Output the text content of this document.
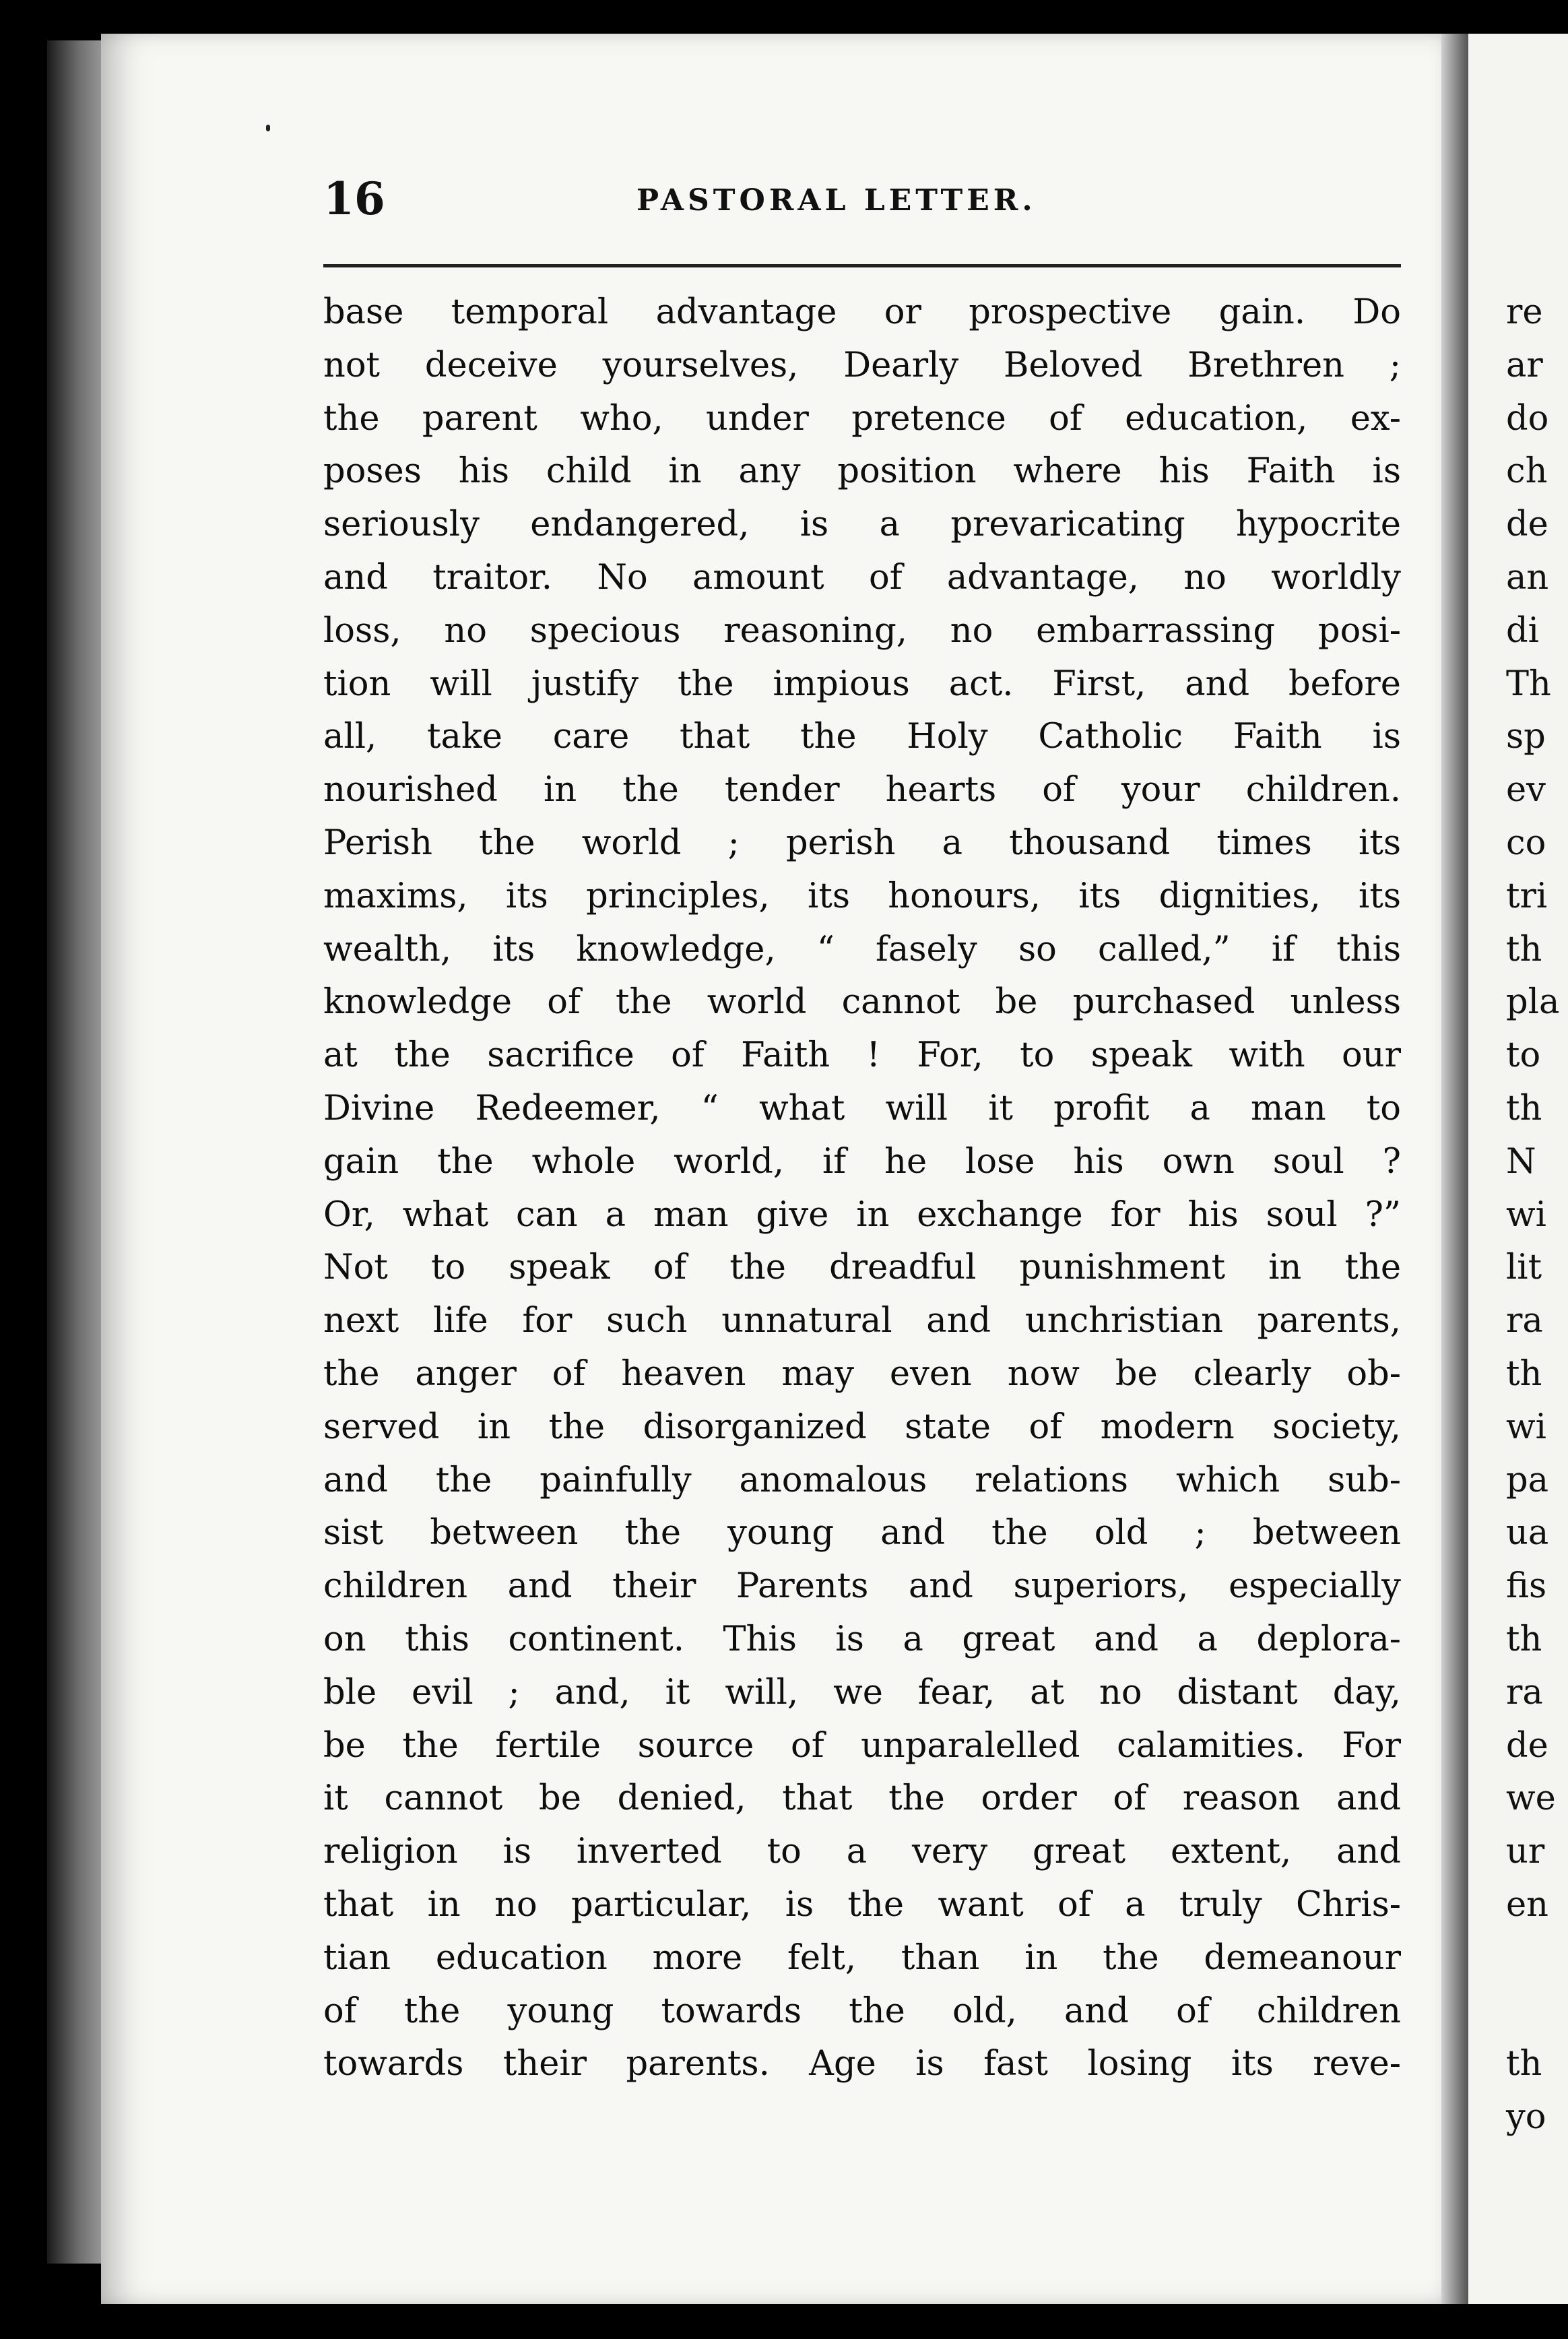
16	PASTORAL LETTER.
base temporal advantage or prospective gain. Do
not deceive yourselves, Dearly Beloved Brethren ;
the parent who, under pretence of education, ex-
poses his child in any position where his Faith is
seriously endangered, is a prevaricating hypocrite
and traitor. No amount of advantage, no worldly
loss, no specious reasoning, no embarrassing posi-
tion will justify the impious act. First, and before
all, take care that the Holy Catholic Faith is
nourished in the tender hearts of your children.
Perish the world ; perish a thousand times its
maxims, its principles, its honours, its dignities, its
wealth, its knowledge, “ fasely so called,” if this
knowledge of the world cannot be purchased unless
at the sacrifice of Faith ! For, to speak with our
Divine Redeemer, “ what will it profit a man to
gain the whole world, if he lose his own soul ?
Or, what can a man give in exchange for his soul ?”
Not to speak of the dreadful punishment in the
next life for such unnatural and unchristian parents,
the anger of heaven may even now be clearly ob-
served in the disorganized state of modern society,
and the painfully anomalous relations which sub-
sist between the young and the old ; between
children and their Parents and superiors, especially
on this continent. This is a great and a deplora-
ble evil ; and, it will, we fear, at no distant day,
be the fertile source of unparalelled calamities. For
it cannot be denied, that the order of reason and
religion is inverted to a very great extent, and
that in no particular, is the want of a truly Chris-
tian education more felt, than in the demeanour
of the young towards the old, and of children
towards their parents. Age is fast losing its reve-
re
ar
do
ch
de
an
di
Th
sp
ev
co
tri
th
pla
to
th
N
wi
lit
ra
th
wi
pa
ua
fis
th
ra
de
we
ur
en
th
yo
